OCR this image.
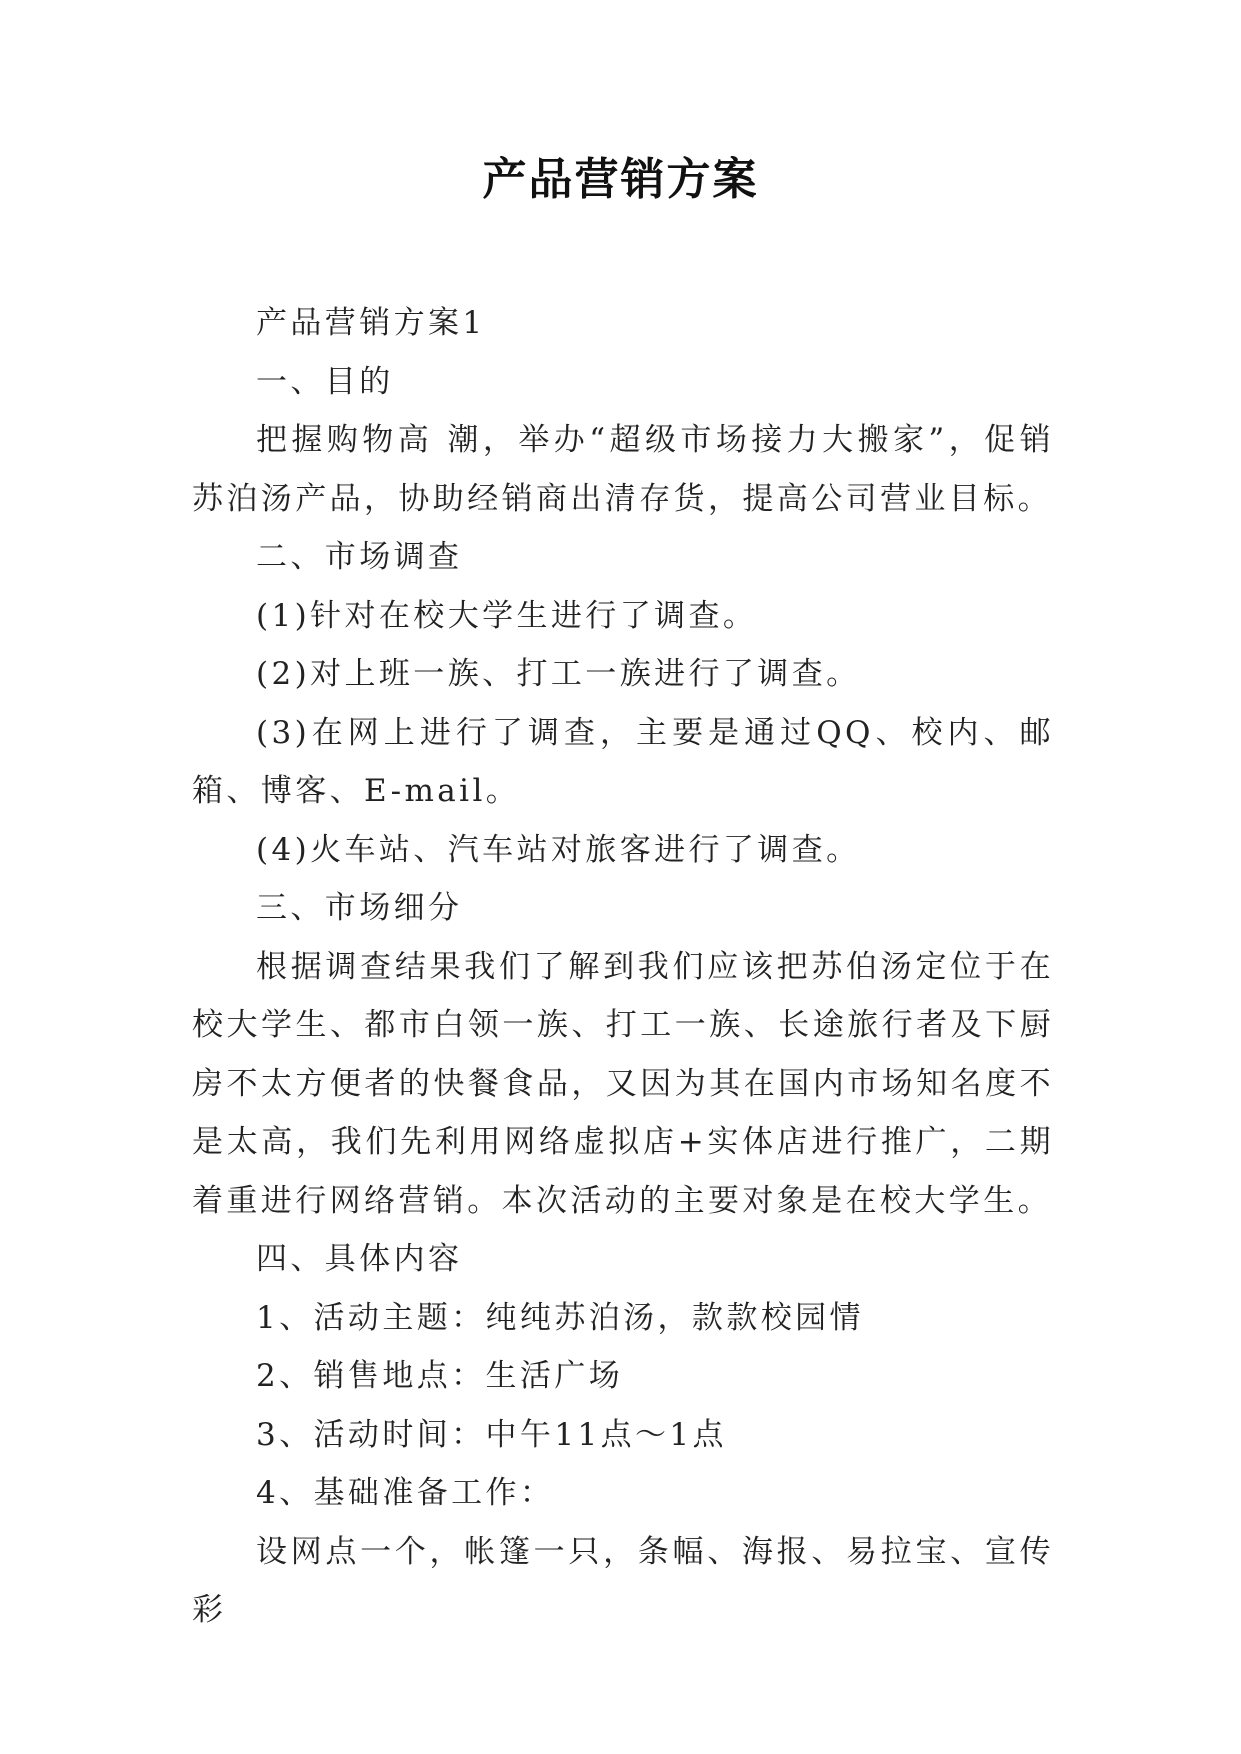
产品营销方案

产品营销方案1

一、目的

把握购物高 潮，举办“超级市场接力大搬家”，促销苏泊汤产品，协助经销商出清存货，提高公司营业目标。

二、市场调查

(1)针对在校大学生进行了调查。

(2)对上班一族、打工一族进行了调查。

(3)在网上进行了调查，主要是通过QQ、校内、邮箱、博客、E-mail。

(4)火车站、汽车站对旅客进行了调查。

三、市场细分

根据调查结果我们了解到我们应该把苏伯汤定位于在校大学生、都市白领一族、打工一族、长途旅行者及下厨房不太方便者的快餐食品，又因为其在国内市场知名度不是太高，我们先利用网络虚拟店+实体店进行推广，二期着重进行网络营销。本次活动的主要对象是在校大学生。

四、具体内容

1、活动主题：纯纯苏泊汤，款款校园情

2、销售地点：生活广场

3、活动时间：中午11点～1点

4、基础准备工作：

设网点一个，帐篷一只，条幅、海报、易拉宝、宣传彩
